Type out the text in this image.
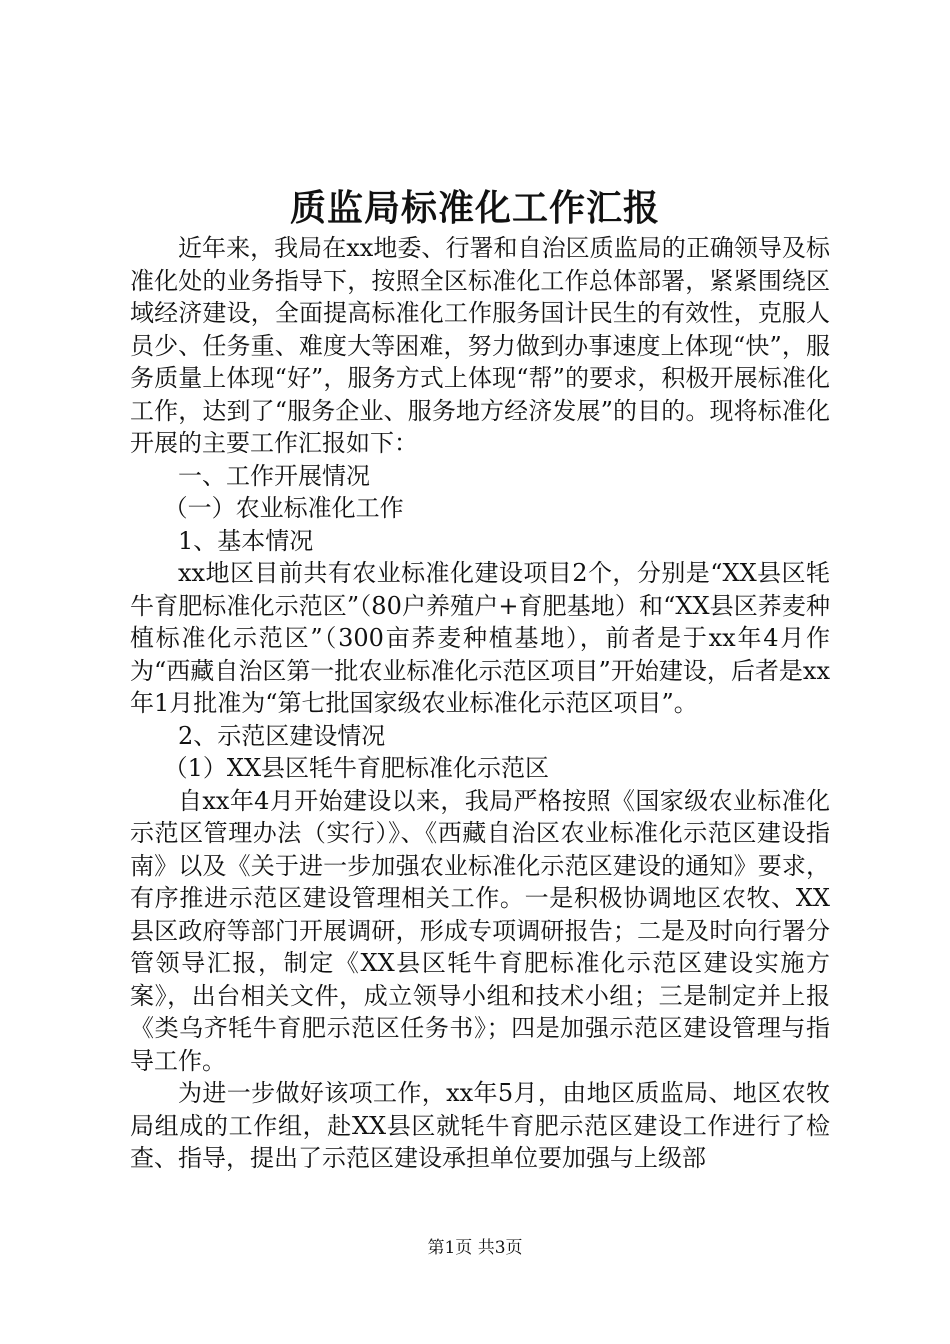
质监局标准化工作汇报

近年来，我局在xx地委、行署和自治区质监局的正确领导及标准化处的业务指导下，按照全区标准化工作总体部署，紧紧围绕区域经济建设，全面提高标准化工作服务国计民生的有效性，克服人员少、任务重、难度大等困难，努力做到办事速度上体现“快”，服务质量上体现“好”，服务方式上体现“帮”的要求，积极开展标准化工作，达到了“服务企业、服务地方经济发展”的目的。现将标准化开展的主要工作汇报如下：

一、工作开展情况

（一）农业标准化工作

1、基本情况

xx地区目前共有农业标准化建设项目2个，分别是“XX县区牦牛育肥标准化示范区”（80户养殖户+育肥基地）和“XX县区荞麦种植标准化示范区”（300亩荞麦种植基地），前者是于xx年4月作为“西藏自治区第一批农业标准化示范区项目”开始建设，后者是xx年1月批准为“第七批国家级农业标准化示范区项目”。

2、示范区建设情况

（1）XX县区牦牛育肥标准化示范区

自xx年4月开始建设以来，我局严格按照《国家级农业标准化示范区管理办法（实行）》、《西藏自治区农业标准化示范区建设指南》以及《关于进一步加强农业标准化示范区建设的通知》要求，有序推进示范区建设管理相关工作。一是积极协调地区农牧、XX县区政府等部门开展调研，形成专项调研报告；二是及时向行署分管领导汇报，制定《XX县区牦牛育肥标准化示范区建设实施方案》，出台相关文件，成立领导小组和技术小组；三是制定并上报《类乌齐牦牛育肥示范区任务书》；四是加强示范区建设管理与指导工作。

为进一步做好该项工作，xx年5月，由地区质监局、地区农牧局组成的工作组，赴XX县区就牦牛育肥示范区建设工作进行了检查、指导，提出了示范区建设承担单位要加强与上级部

第1页 共3页
